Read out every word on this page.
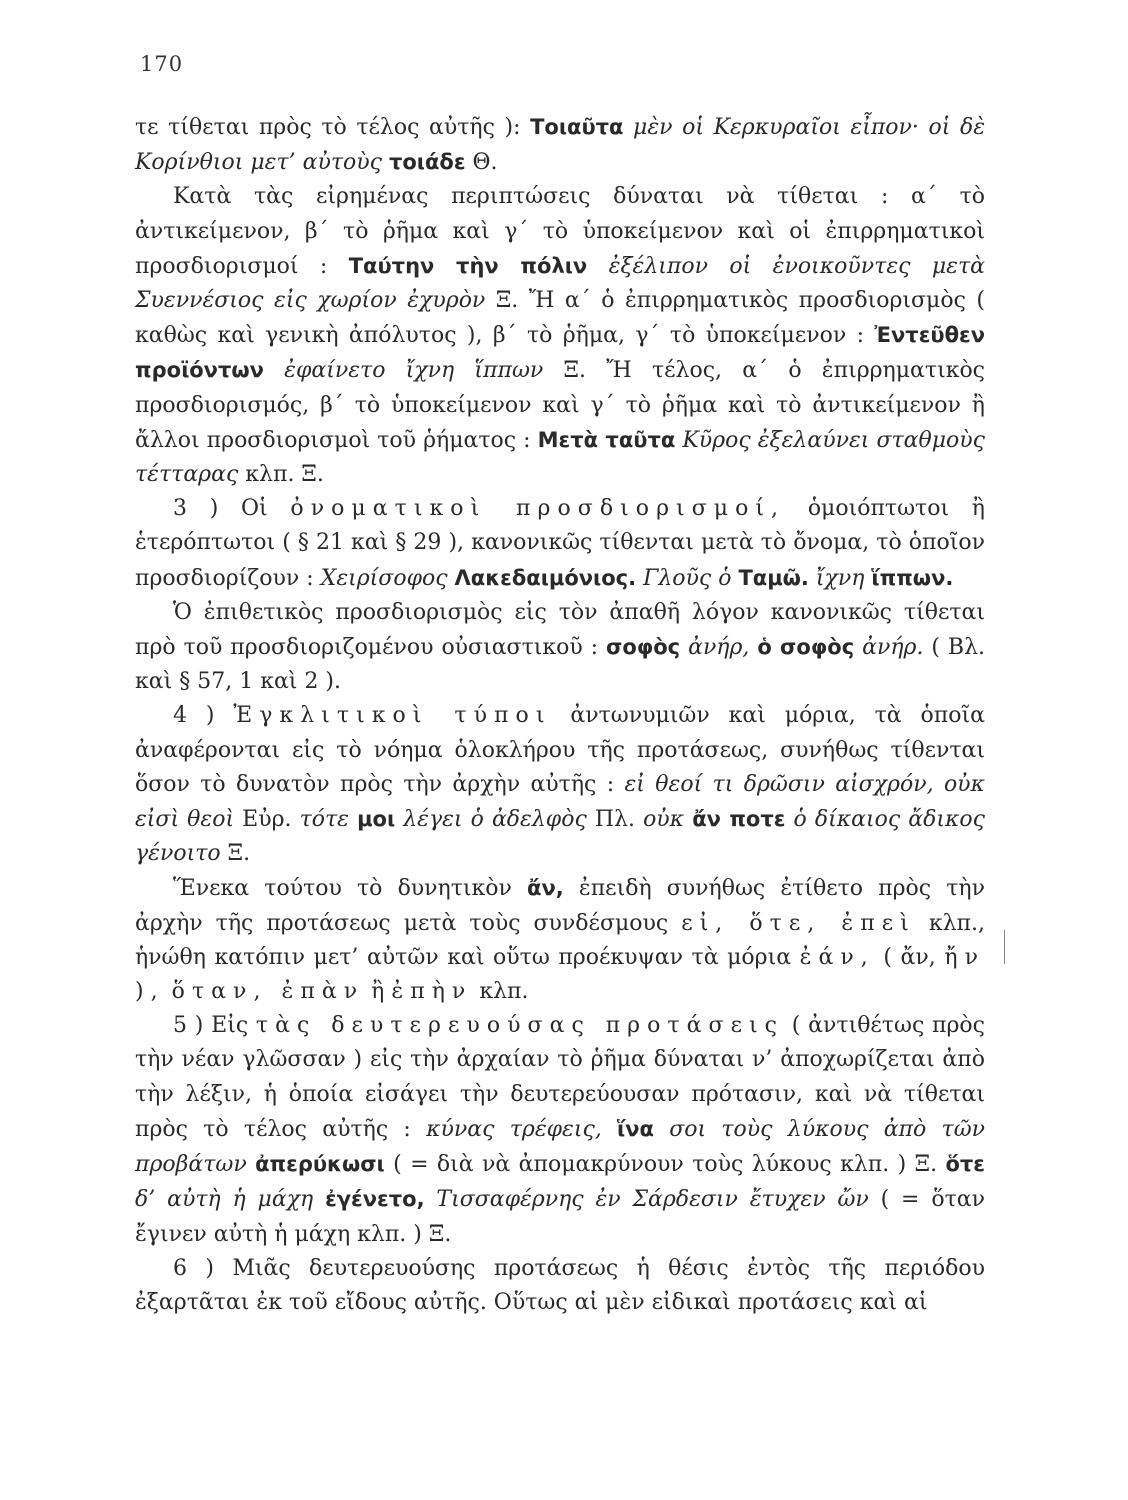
170

τε τίθεται πρὸς τὸ τέλος αὐτῆς ): Τοιαῦτα μὲν οἱ Κερκυραῖοι εἶπον· οἱ δὲ Κορίνθιοι μετ’ αὐτοὺς τοιάδε Θ.

Κατὰ τὰς εἰρημένας περιπτώσεις δύναται νὰ τίθεται : α΄ τὸ ἀντικείμενον, β΄ τὸ ῥῆμα καὶ γ΄ τὸ ὑποκείμενον καὶ οἱ ἐπιρρηματικοὶ προσδιορισμοί : Ταύτην τὴν πόλιν ἐξέλιπον οἱ ἐνοικοῦντες μετὰ Συεννέσιος εἰς χωρίον ἐχυρὸν Ξ. Ἤ α΄ ὁ ἐπιρρηματικὸς προσδιορισμὸς ( καθὼς καὶ γενικὴ ἀπόλυτος ), β΄ τὸ ῥῆμα, γ΄ τὸ ὑποκείμενον : Ἐντεῦθεν προϊόντων ἐφαίνετο ἴχνη ἵππων Ξ. Ἤ τέλος, α΄ ὁ ἐπιρρηματικὸς προσδιορισμός, β΄ τὸ ὑποκείμενον καὶ γ΄ τὸ ῥῆμα καὶ τὸ ἀντικείμενον ἢ ἄλλοι προσδιορισμοὶ τοῦ ῥήματος : Μετὰ ταῦτα Κῦρος ἐξελαύνει σταθμοὺς τέτταρας κλπ. Ξ.

3 ) Οἱ ὀνοματικοὶ προσδιορισμοί, ὁμοιόπτωτοι ἢ ἑτερόπτωτοι ( § 21 καὶ § 29 ), κανονικῶς τίθενται μετὰ τὸ ὄνομα, τὸ ὁποῖον προσδιορίζουν : Χειρίσοφος Λακεδαιμόνιος. Γλοῦς ὁ Ταμῶ. ἴχνη ἵππων.

Ὁ ἐπιθετικὸς προσδιορισμὸς εἰς τὸν ἀπαθῆ λόγον κανονικῶς τίθεται πρὸ τοῦ προσδιοριζομένου οὐσιαστικοῦ : σοφὸς ἀνήρ, ὁ σοφὸς ἀνήρ. ( Βλ. καὶ § 57, 1 καὶ 2 ).

4 ) Ἐγκλιτικοὶ τύποι ἀντωνυμιῶν καὶ μόρια, τὰ ὁποῖα ἀναφέρονται εἰς τὸ νόημα ὁλοκλήρου τῆς προτάσεως, συνήθως τίθενται ὅσον τὸ δυνατὸν πρὸς τὴν ἀρχὴν αὐτῆς : εἰ θεοί τι δρῶσιν αἰσχρόν, οὐκ εἰσὶ θεοὶ Εὐρ. τότε μοι λέγει ὁ ἀδελφὸς Πλ. οὐκ ἄν ποτε ὁ δίκαιος ἄδικος γένοιτο Ξ.

Ἕνεκα τούτου τὸ δυνητικὸν ἄν, ἐπειδὴ συνήθως ἐτίθετο πρὸς τὴν ἀρχὴν τῆς προτάσεως μετὰ τοὺς συνδέσμους εἰ, ὅτε, ἐπεὶ κλπ., ἡνώθη κατόπιν μετ’ αὐτῶν καὶ οὕτω προέκυψαν τὰ μόρια ἐάν, ( ἄν, ἤν ), ὅταν, ἐπὰν ἢ ἐπὴν κλπ.

5 ) Εἰς τὰς δευτερευούσας προτάσεις ( ἀντιθέτως πρὸς τὴν νέαν γλῶσσαν ) εἰς τὴν ἀρχαίαν τὸ ῥῆμα δύναται ν’ ἀποχωρίζεται ἀπὸ τὴν λέξιν, ἡ ὁποία εἰσάγει τὴν δευτερεύουσαν πρότασιν, καὶ νὰ τίθεται πρὸς τὸ τέλος αὐτῆς : κύνας τρέφεις, ἵνα σοι τοὺς λύκους ἀπὸ τῶν προβάτων ἀπερύκωσι ( = διὰ νὰ ἀπομακρύνουν τοὺς λύκους κλπ. ) Ξ. ὅτε δ’ αὐτὴ ἡ μάχη ἐγένετο, Τισσαφέρνης ἐν Σάρδεσιν ἔτυχεν ὤν ( = ὅταν ἔγινεν αὐτὴ ἡ μάχη κλπ. ) Ξ.

6 ) Μιᾶς δευτερευούσης προτάσεως ἡ θέσις ἐντὸς τῆς περιόδου ἐξαρτᾶται ἐκ τοῦ εἴδους αὐτῆς. Οὕτως αἱ μὲν εἰδικαὶ προτάσεις καὶ αἱ
